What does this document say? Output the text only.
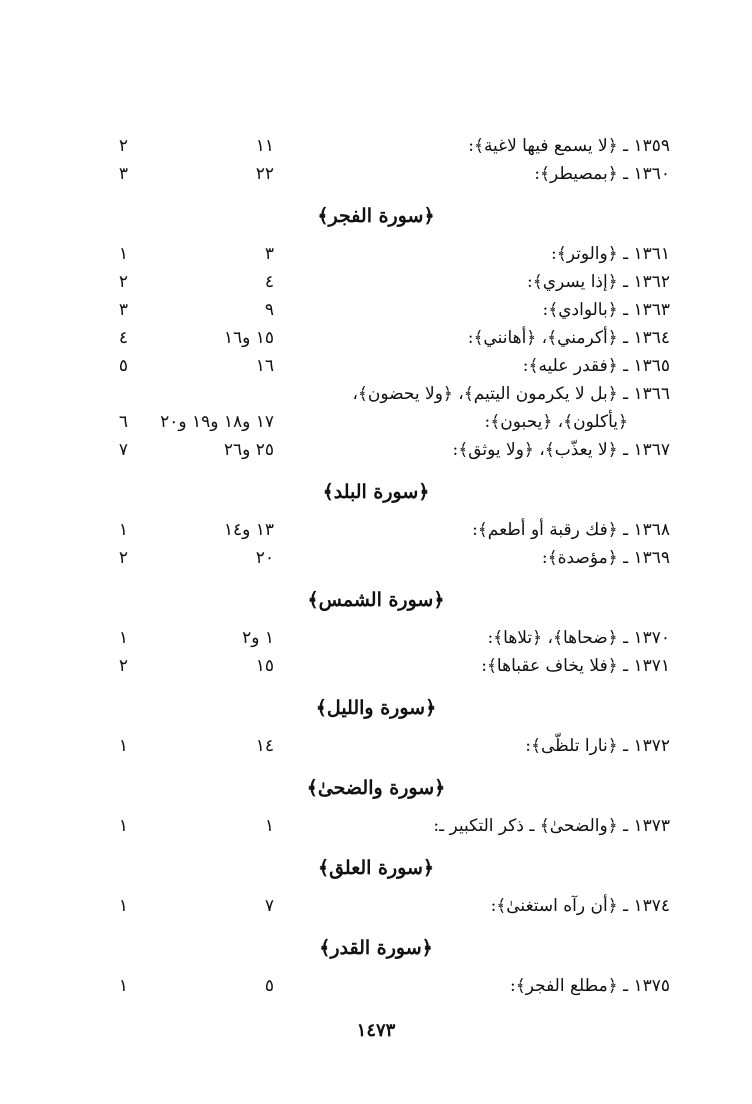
١٣٥٩ ـ ﴿لا يسمع فيها لاغية﴾:
١١
٢
١٣٦٠ ـ ﴿بمصيطر﴾:
٢٢
٣
﴿سورة الفجر﴾
١٣٦١ ـ ﴿والوتر﴾:
٣
١
١٣٦٢ ـ ﴿إذا يسري﴾:
٤
٢
١٣٦٣ ـ ﴿بالوادي﴾:
٩
٣
١٣٦٤ ـ ﴿أكرمني﴾، ﴿أهانني﴾:
١٥ و١٦
٤
١٣٦٥ ـ ﴿فقدر عليه﴾:
١٦
٥
١٣٦٦ ـ ﴿بل لا يكرمون اليتيم﴾، ﴿ولا يحضون﴾،
﴿يأكلون﴾، ﴿يحبون﴾:
١٧ و١٨ و١٩ و٢٠
٦
١٣٦٧ ـ ﴿لا يعذّب﴾، ﴿ولا يوثق﴾:
٢٥ و٢٦
٧
﴿سورة البلد﴾
١٣٦٨ ـ ﴿فك رقبة أو أطعم﴾:
١٣ و١٤
١
١٣٦٩ ـ ﴿مؤصدة﴾:
٢٠
٢
﴿سورة الشمس﴾
١٣٧٠ ـ ﴿ضحاها﴾، ﴿تلاها﴾:
١ و٢
١
١٣٧١ ـ ﴿فلا يخاف عقباها﴾:
١٥
٢
﴿سورة والليل﴾
١٣٧٢ ـ ﴿نارا تلظّى﴾:
١٤
١
﴿سورة والضحىٰ﴾
١٣٧٣ ـ ﴿والضحىٰ﴾ ـ ذكر التكبير ـ:
١
١
﴿سورة العلق﴾
١٣٧٤ ـ ﴿أن رآه استغنىٰ﴾:
٧
١
﴿سورة القدر﴾
١٣٧٥ ـ ﴿مطلع الفجر﴾:
٥
١
١٤٧٣
